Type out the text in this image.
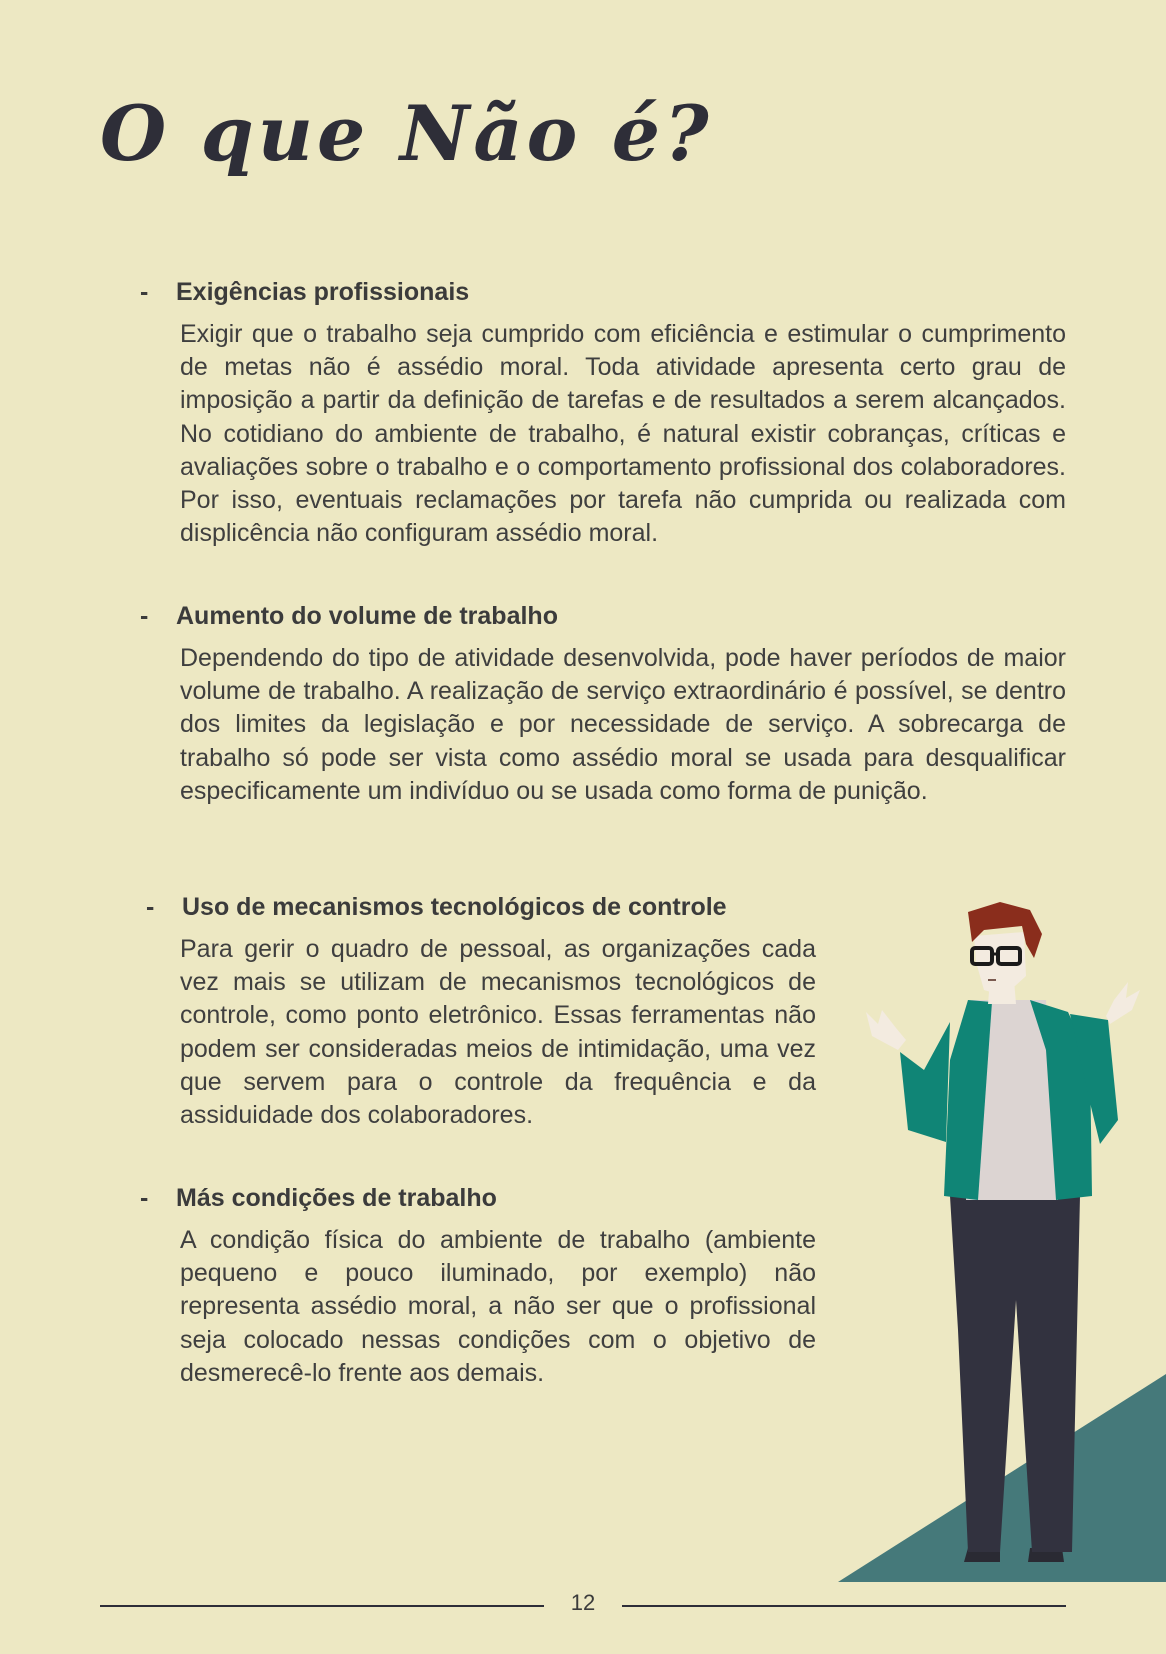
O que Não é?
-	Exigências profissionais
Exigir que o trabalho seja cumprido com eficiência e estimular o cumprimento de metas não é assédio moral. Toda atividade apresenta certo grau de imposição a partir da definição de tarefas e de resultados a serem alcançados. No cotidiano do ambiente de trabalho, é natural existir cobranças, críticas e avaliações sobre o trabalho e o comportamento profissional dos colaboradores. Por isso, eventuais reclamações por tarefa não cumprida ou realizada com displicência não configuram assédio moral.
-	Aumento do volume de trabalho
Dependendo do tipo de atividade desenvolvida, pode haver períodos de maior volume de trabalho. A realização de serviço extraordinário é possível, se dentro dos limites da legislação e por necessidade de serviço. A sobrecarga de trabalho só pode ser vista como assédio moral se usada para desqualificar especificamente um indivíduo ou se usada como forma de punição.
-	Uso de mecanismos tecnológicos de controle
Para gerir o quadro de pessoal, as organizações cada vez mais se utilizam de mecanismos tecnológicos de controle, como ponto eletrônico. Essas ferramentas não podem ser consideradas meios de intimidação, uma vez que servem para o controle da frequência e da assiduidade dos colaboradores.
-	Más condições de trabalho
A condição física do ambiente de trabalho (ambiente pequeno e pouco iluminado, por exemplo) não representa assédio moral, a não ser que o profissional seja colocado nessas condições com o objetivo de desmerecê-lo frente aos demais.
12
